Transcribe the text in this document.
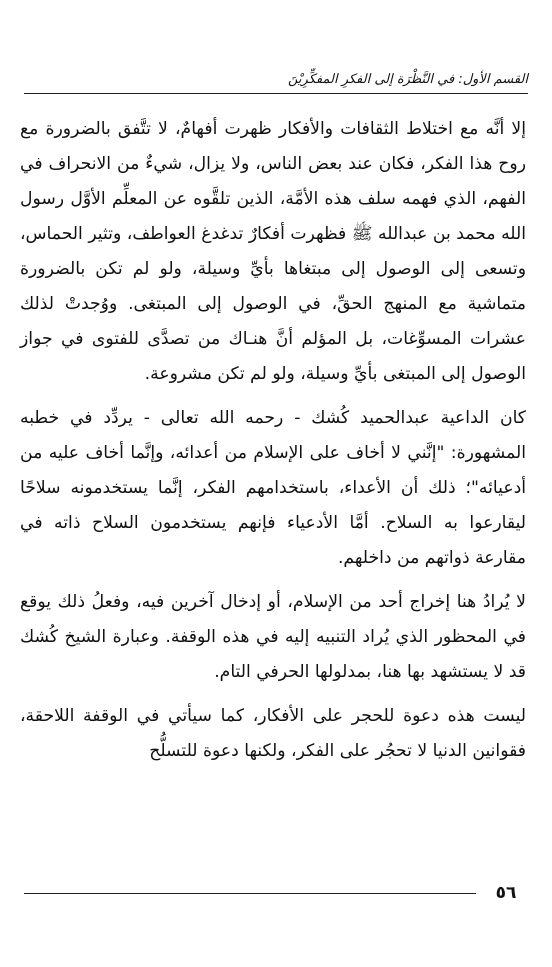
القسم الأول: في النَّظْرَة إلى الفكرِ المفكِّرِيْنَ

إلا أنَّه مع اختلاط الثقافات والأفكار ظهرت أفهامٌ، لا تتَّفق بالضرورة مع روح هذا الفكر، فكان عند بعض الناس، ولا يزال، شيءٌ من الانحراف في الفهم، الذي فهمه سلف هذه الأمَّة، الذين تلقَّوه عن المعلِّم الأوَّل رسول الله محمد بن عبدالله ﷺ فظهرت أفكارٌ تدغدغ العواطف، وتثير الحماس، وتسعى إلى الوصول إلى مبتغاها بأيِّ وسيلة، ولو لم تكن بالضرورة متماشية مع المنهج الحقِّ، في الوصول إلى المبتغى. ووُجدتْ لذلك عشرات المسوِّغات، بل المؤلم أنَّ هنـاك من تصدَّى للفتوى في جواز الوصول إلى المبتغى بأيِّ وسيلة، ولو لم تكن مشروعة.

كان الداعية عبدالحميد كُشك - رحمه الله تعالى - يردِّد في خطبه المشهورة: "إنَّني لا أخاف على الإسلام من أعدائه، وإنَّما أخاف عليه من أدعيائه"؛ ذلك أن الأعداء، باستخدامهم الفكر، إنَّما يستخدمونه سلاحًا ليقارعوا به السلاح. أمَّا الأدعياء فإنهم يستخدمون السلاح ذاته في مقارعة ذواتهم من داخلهم.

لا يُرادُ هنا إخراج أحد من الإسلام، أو إدخال آخرين فيه، وفعلُ ذلك يوقع في المحظور الذي يُراد التنبيه إليه في هذه الوقفة. وعبارة الشيخ كُشك قد لا يستشهد بها هنا، بمدلولها الحرفي التام.

ليست هذه دعوة للحجر على الأفكار، كما سيأتي في الوقفة اللاحقة، فقوانين الدنيا لا تحجُر على الفكر، ولكنها دعوة للتسلُّح

٥٦
